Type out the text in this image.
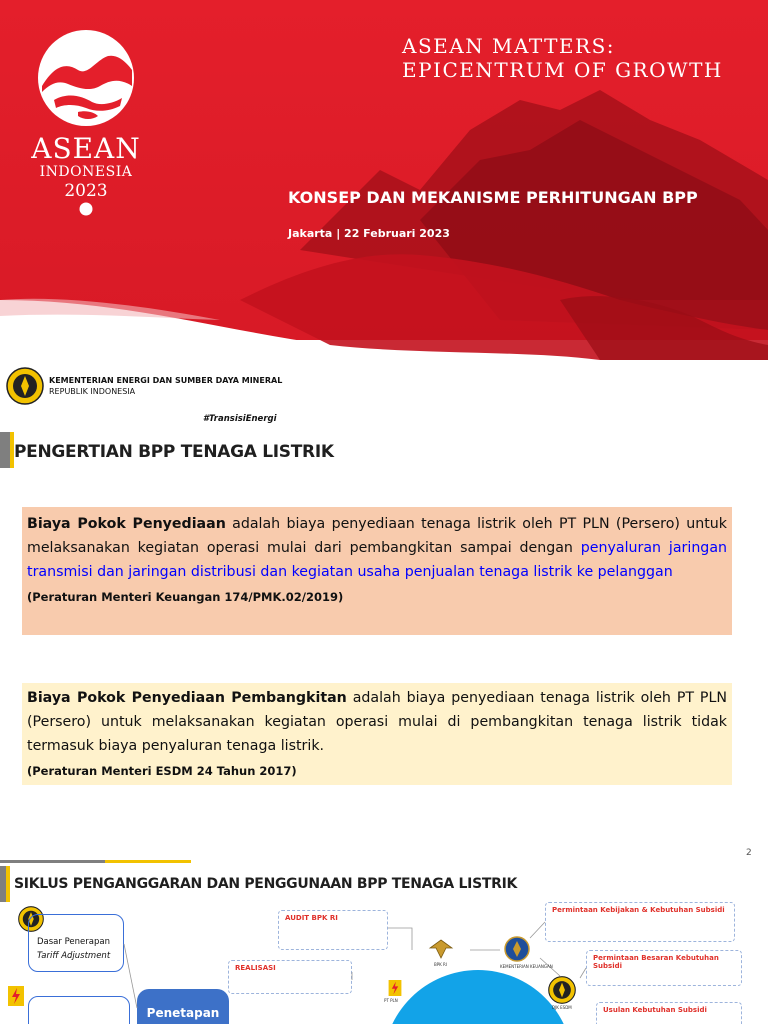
ASEAN
INDONESIA
2023
ASEAN MATTERS:
EPICENTRUM OF GROWTH
KONSEP DAN MEKANISME PERHITUNGAN BPP
Jakarta | 22 Februari 2023
KEMENTERIAN ENERGI DAN SUMBER DAYA MINERAL
REPUBLIK INDONESIA
#TransisiEnergi
PENGERTIAN BPP TENAGA LISTRIK
Biaya Pokok Penyediaan adalah biaya penyediaan tenaga listrik oleh PT PLN (Persero) untuk melaksanakan kegiatan operasi mulai dari pembangkitan sampai dengan penyaluran jaringan transmisi dan jaringan distribusi dan kegiatan usaha penjualan tenaga listrik ke pelanggan
(Peraturan Menteri Keuangan 174/PMK.02/2019)
Biaya Pokok Penyediaan Pembangkitan adalah biaya penyediaan tenaga listrik oleh PT PLN (Persero) untuk melaksanakan kegiatan operasi mulai di pembangkitan tenaga listrik tidak termasuk biaya penyaluran tenaga listrik.
(Peraturan Menteri ESDM 24 Tahun 2017)
2
SIKLUS PENGANGGARAN DAN PENGGUNAAN BPP TENAGA LISTRIK
Dasar Penerapan
Tariff Adjustment
Penetapan
AUDIT BPK RI
REALISASI
Permintaan Kebijakan & Kebutuhan Subsidi
Permintaan Besaran Kebutuhan Subsidi
Usulan Kebutuhan Subsidi
BPK RI	KEMENTERIAN KEUANGAN
DJK ESDM
PT PLN
